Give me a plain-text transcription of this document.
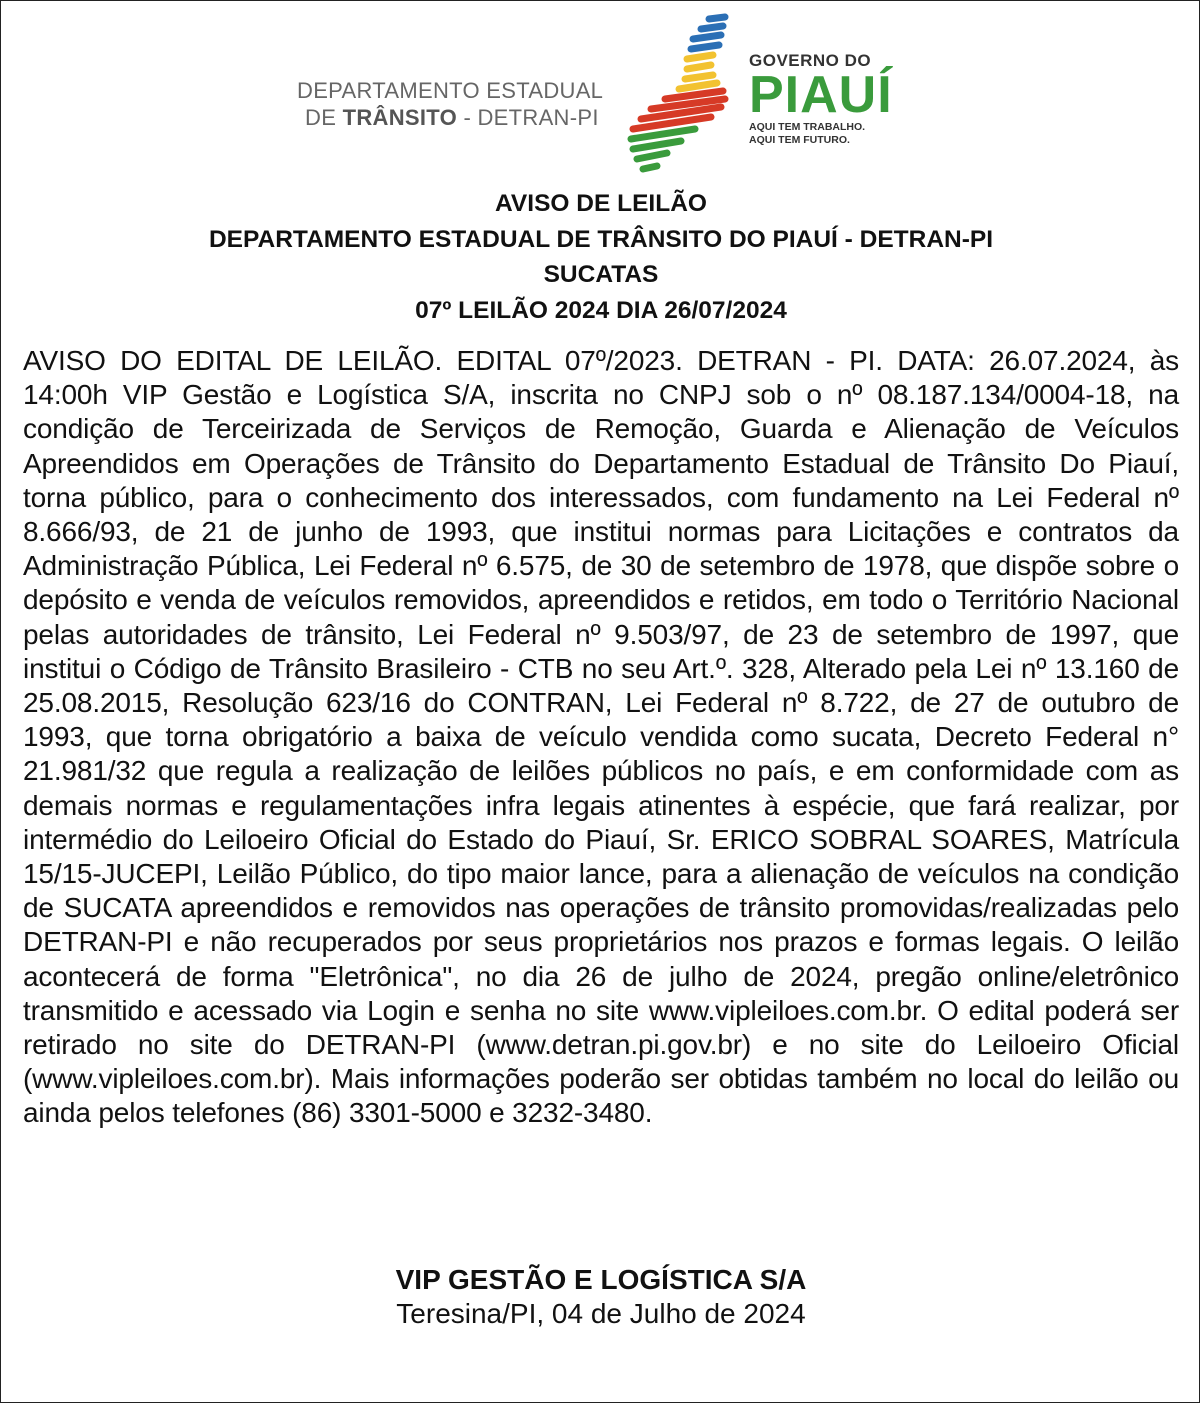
DEPARTAMENTO ESTADUAL
DE TRÂNSITO - DETRAN-PI
GOVERNO DO
PIAUÍ
AQUI TEM TRABALHO.
AQUI TEM FUTURO.
AVISO DE LEILÃO
DEPARTAMENTO ESTADUAL DE TRÂNSITO DO PIAUÍ - DETRAN-PI
SUCATAS
07º LEILÃO 2024 DIA 26/07/2024
AVISO DO EDITAL DE LEILÃO. EDITAL 07º/2023. DETRAN - PI. DATA: 26.07.2024, às 14:00h VIP Gestão e Logística S/A, inscrita no CNPJ sob o nº 08.187.134/0004-18, na condição de Terceirizada de Serviços de Remoção, Guarda e Alienação de Veículos Apreendidos em Operações de Trânsito do Departamento Estadual de Trânsito Do Piauí, torna público, para o conhecimento dos interessados, com fundamento na Lei Federal nº 8.666/93, de 21 de junho de 1993, que institui normas para Licitações e contratos da Administração Pública, Lei Federal nº 6.575, de 30 de setembro de 1978, que dispõe sobre o depósito e venda de veículos removidos, apreendidos e retidos, em todo o Território Nacional pelas autoridades de trânsito, Lei Federal nº 9.503/97, de 23 de setembro de 1997, que institui o Código de Trânsito Brasileiro - CTB no seu Art.º. 328, Alterado pela Lei nº 13.160 de 25.08.2015, Resolução 623/16 do CONTRAN, Lei Federal nº 8.722, de 27 de outubro de 1993, que torna obrigatório a baixa de veículo vendida como sucata, Decreto Federal n° 21.981/32 que regula a realização de leilões públicos no país, e em conformidade com as demais normas e regulamentações infra legais atinentes à espécie, que fará realizar, por intermédio do Leiloeiro Oficial do Estado do Piauí, Sr. ERICO SOBRAL SOARES, Matrícula 15/15-JUCEPI, Leilão Público, do tipo maior lance, para a alienação de veículos na condição de SUCATA apreendidos e removidos nas operações de trânsito promovidas/realizadas pelo DETRAN-PI e não recuperados por seus proprietários nos prazos e formas legais. O leilão acontecerá de forma "Eletrônica", no dia 26 de julho de 2024, pregão online/eletrônico transmitido e acessado via Login e senha no site www.vipleiloes.com.br. O edital poderá ser retirado no site do DETRAN-PI (www.detran.pi.gov.br) e no site do Leiloeiro Oficial (www.vipleiloes.com.br). Mais informações poderão ser obtidas também no local do leilão ou ainda pelos telefones (86) 3301-5000 e 3232-3480.
VIP GESTÃO E LOGÍSTICA S/A
Teresina/PI, 04 de Julho de 2024
